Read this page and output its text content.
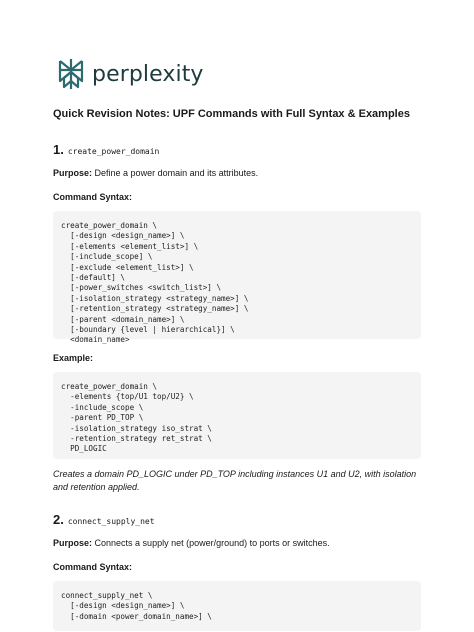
perplexity
Quick Revision Notes: UPF Commands with Full Syntax & Examples
1. create_power_domain
Purpose: Define a power domain and its attributes.
Command Syntax:
create_power_domain \
[-design <design_name>] \
[-elements <element_list>] \
[-include_scope] \
[-exclude <element_list>] \
[-default] \
[-power_switches <switch_list>] \
[-isolation_strategy <strategy_name>] \
[-retention_strategy <strategy_name>] \
[-parent <domain_name>] \
[-boundary {level | hierarchical}] \
<domain_name>
Example:
create_power_domain \
-elements {top/U1 top/U2} \
-include_scope \
-parent PD_TOP \
-isolation_strategy iso_strat \
-retention_strategy ret_strat \
PD_LOGIC
Creates a domain PD_LOGIC under PD_TOP including instances U1 and U2, with isolation and retention applied.
2. connect_supply_net
Purpose: Connects a supply net (power/ground) to ports or switches.
Command Syntax:
connect_supply_net \
[-design <design_name>] \
[-domain <power_domain_name>] \
